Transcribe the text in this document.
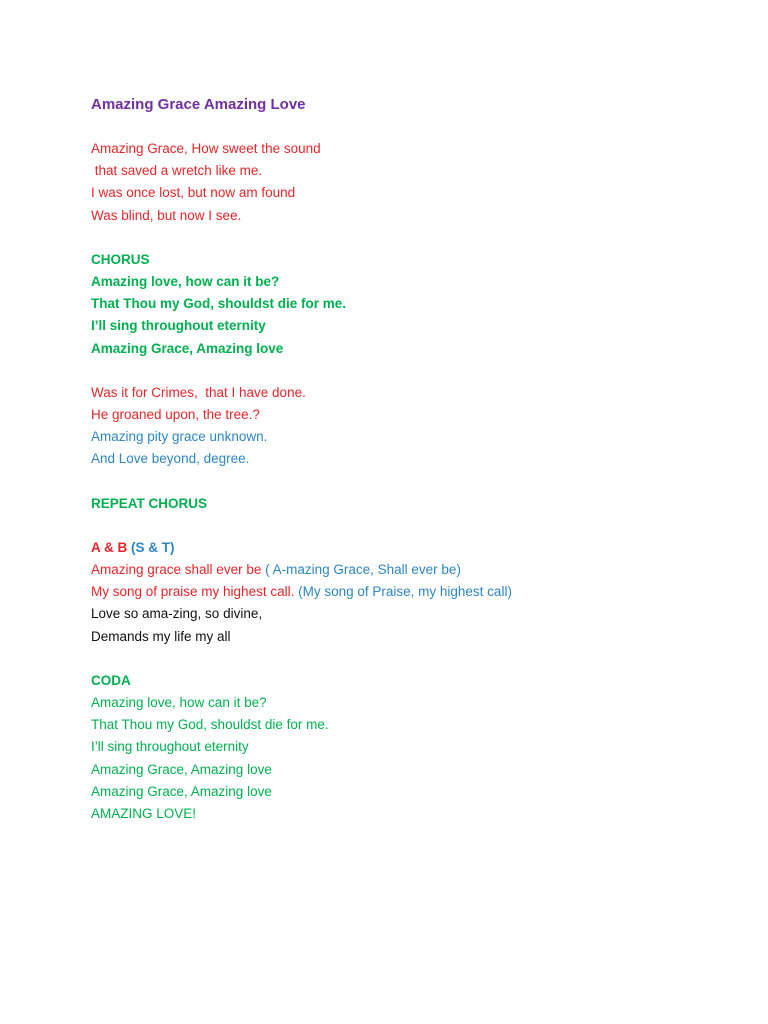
Amazing Grace Amazing Love
Amazing Grace, How sweet the sound
that saved a wretch like me.
I was once lost, but now am found
Was blind, but now I see.
CHORUS
Amazing love, how can it be?
That Thou my God, shouldst die for me.
I’ll sing throughout eternity
Amazing Grace, Amazing love
Was it for Crimes,  that I have done.
He groaned upon, the tree.?
Amazing pity grace unknown.
And Love beyond, degree.
REPEAT CHORUS
A & B (S & T)
Amazing grace shall ever be ( A-mazing Grace, Shall ever be)
My song of praise my highest call. (My song of Praise, my highest call)
Love so ama-zing, so divine,
Demands my life my all
CODA
Amazing love, how can it be?
That Thou my God, shouldst die for me.
I’ll sing throughout eternity
Amazing Grace, Amazing love
Amazing Grace, Amazing love
AMAZING LOVE!
